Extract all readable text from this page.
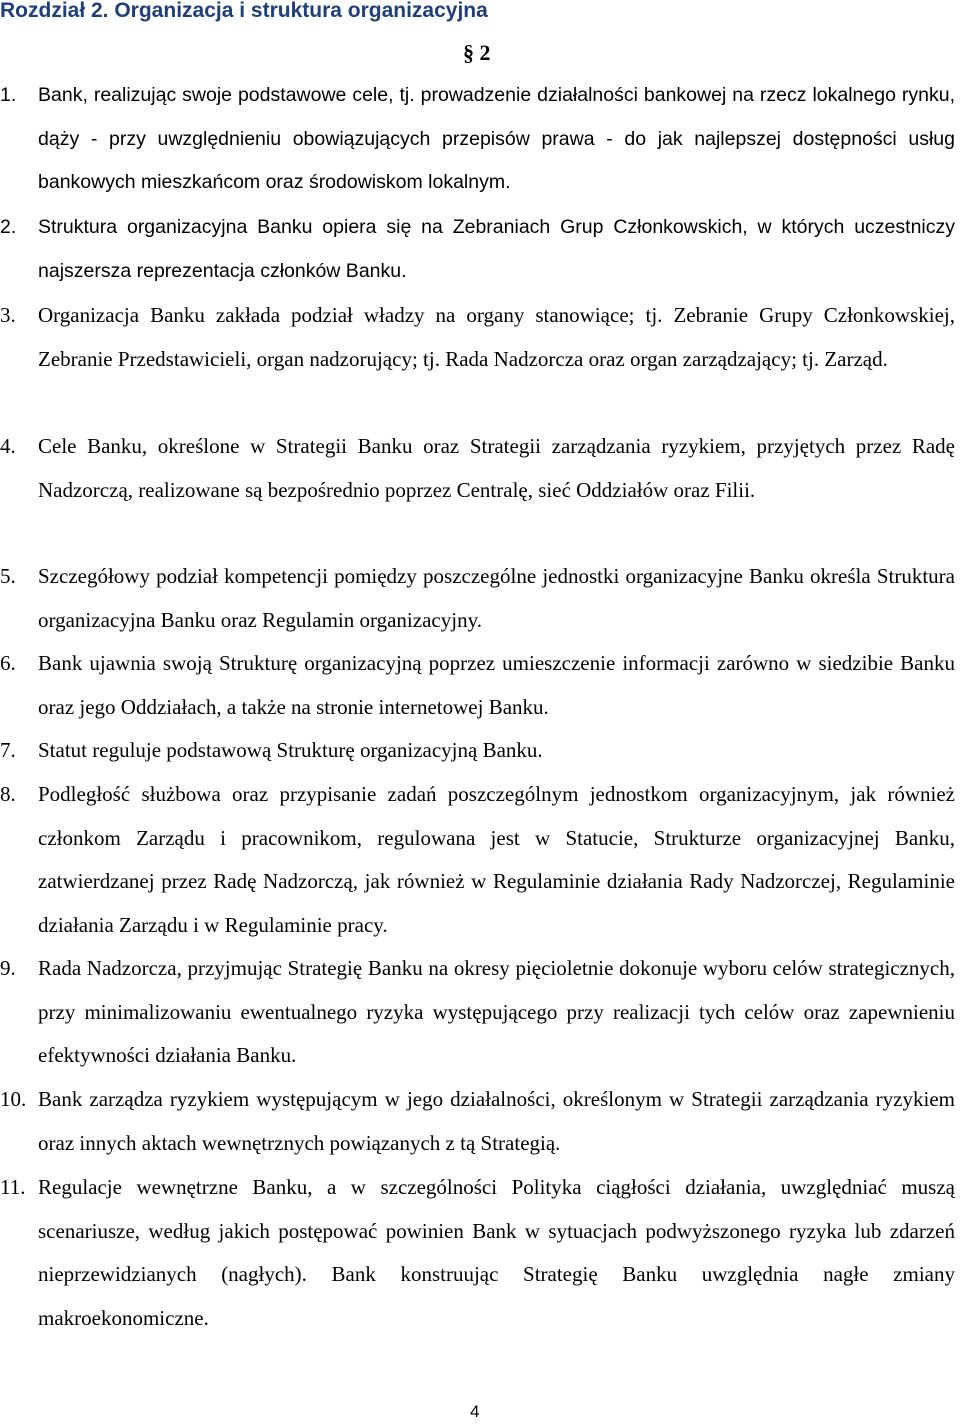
Rozdział 2. Organizacja i struktura organizacyjna
§ 2
1. Bank, realizując swoje podstawowe cele, tj. prowadzenie działalności bankowej na rzecz lokalnego rynku, dąży - przy uwzględnieniu obowiązujących przepisów prawa - do jak najlepszej dostępności usług bankowych mieszkańcom oraz środowiskom lokalnym.
2. Struktura organizacyjna Banku opiera się na Zebraniach Grup Członkowskich, w których uczestniczy najszersza reprezentacja członków Banku.
3. Organizacja Banku zakłada podział władzy na organy stanowiące; tj. Zebranie Grupy Członkowskiej, Zebranie Przedstawicieli, organ nadzorujący; tj. Rada Nadzorcza oraz organ zarządzający; tj. Zarząd.
4. Cele Banku, określone w Strategii Banku oraz Strategii zarządzania ryzykiem, przyjętych przez Radę Nadzorczą, realizowane są bezpośrednio poprzez Centralę, sieć Oddziałów oraz Filii.
5. Szczegółowy podział kompetencji pomiędzy poszczególne jednostki organizacyjne Banku określa Struktura organizacyjna Banku oraz Regulamin organizacyjny.
6. Bank ujawnia swoją Strukturę organizacyjną poprzez umieszczenie informacji zarówno w siedzibie Banku oraz jego Oddziałach, a także na stronie internetowej Banku.
7. Statut reguluje podstawową Strukturę organizacyjną Banku.
8. Podległość służbowa oraz przypisanie zadań poszczególnym jednostkom organizacyjnym, jak również członkom Zarządu i pracownikom, regulowana jest w Statucie, Strukturze organizacyjnej Banku, zatwierdzanej przez Radę Nadzorczą, jak również w Regulaminie działania Rady Nadzorczej, Regulaminie działania Zarządu i w Regulaminie pracy.
9. Rada Nadzorcza, przyjmując Strategię Banku na okresy pięcioletnie dokonuje wyboru celów strategicznych, przy minimalizowaniu ewentualnego ryzyka występującego przy realizacji tych celów oraz zapewnieniu efektywności działania Banku.
10. Bank zarządza ryzykiem występującym w jego działalności, określonym w Strategii zarządzania ryzykiem oraz innych aktach wewnętrznych powiązanych z tą Strategią.
11. Regulacje wewnętrzne Banku, a w szczególności Polityka ciągłości działania, uwzględniać muszą scenariusze, według jakich postępować powinien Bank w sytuacjach podwyższonego ryzyka lub zdarzeń nieprzewidzianych (nagłych). Bank konstruując Strategię Banku uwzględnia nagłe zmiany makroekonomiczne.
4
